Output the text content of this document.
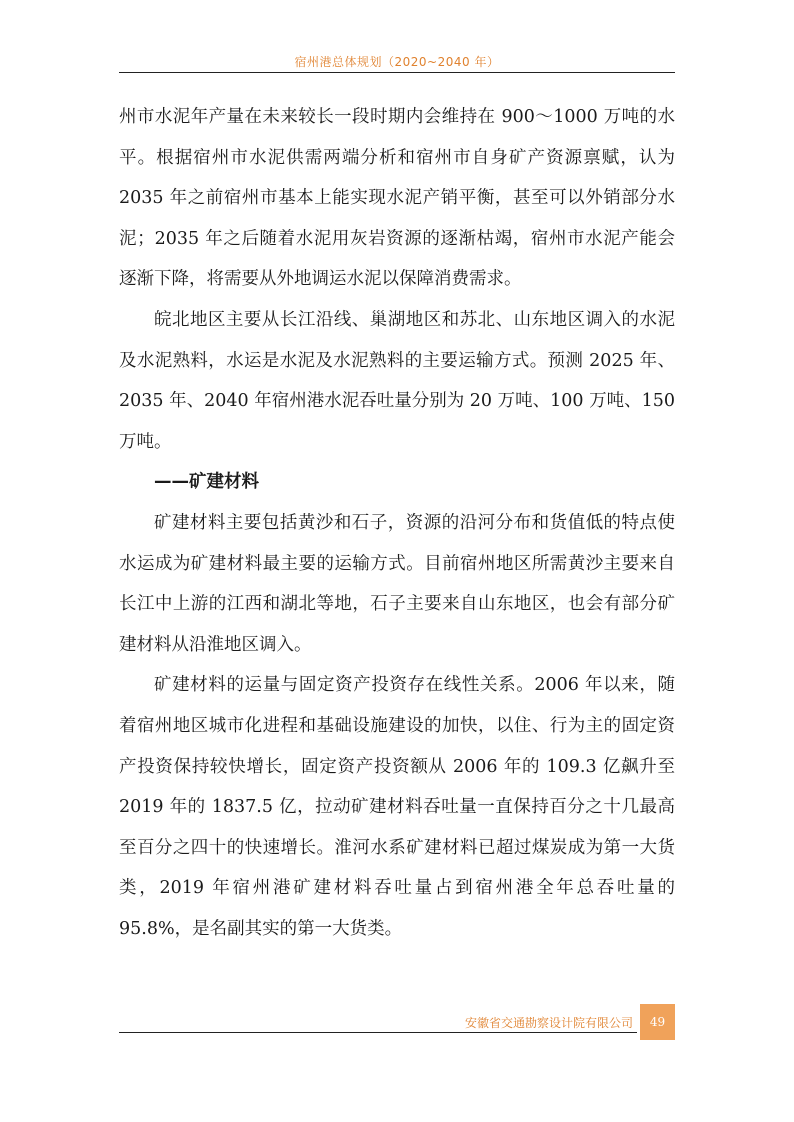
宿州港总体规划（2020~2040 年）

州市水泥年产量在未来较长一段时期内会维持在 900～1000 万吨的水平。根据宿州市水泥供需两端分析和宿州市自身矿产资源禀赋，认为 2035 年之前宿州市基本上能实现水泥产销平衡，甚至可以外销部分水泥；2035 年之后随着水泥用灰岩资源的逐渐枯竭，宿州市水泥产能会逐渐下降，将需要从外地调运水泥以保障消费需求。

皖北地区主要从长江沿线、巢湖地区和苏北、山东地区调入的水泥及水泥熟料，水运是水泥及水泥熟料的主要运输方式。预测 2025 年、2035 年、2040 年宿州港水泥吞吐量分别为 20 万吨、100 万吨、150 万吨。

——矿建材料

矿建材料主要包括黄沙和石子，资源的沿河分布和货值低的特点使水运成为矿建材料最主要的运输方式。目前宿州地区所需黄沙主要来自长江中上游的江西和湖北等地，石子主要来自山东地区，也会有部分矿建材料从沿淮地区调入。

矿建材料的运量与固定资产投资存在线性关系。2006 年以来，随着宿州地区城市化进程和基础设施建设的加快，以住、行为主的固定资产投资保持较快增长，固定资产投资额从 2006 年的 109.3 亿飙升至 2019 年的 1837.5 亿，拉动矿建材料吞吐量一直保持百分之十几最高至百分之四十的快速增长。淮河水系矿建材料已超过煤炭成为第一大货类，2019 年宿州港矿建材料吞吐量占到宿州港全年总吞吐量的 95.8%，是名副其实的第一大货类。

安徽省交通勘察设计院有限公司	49
